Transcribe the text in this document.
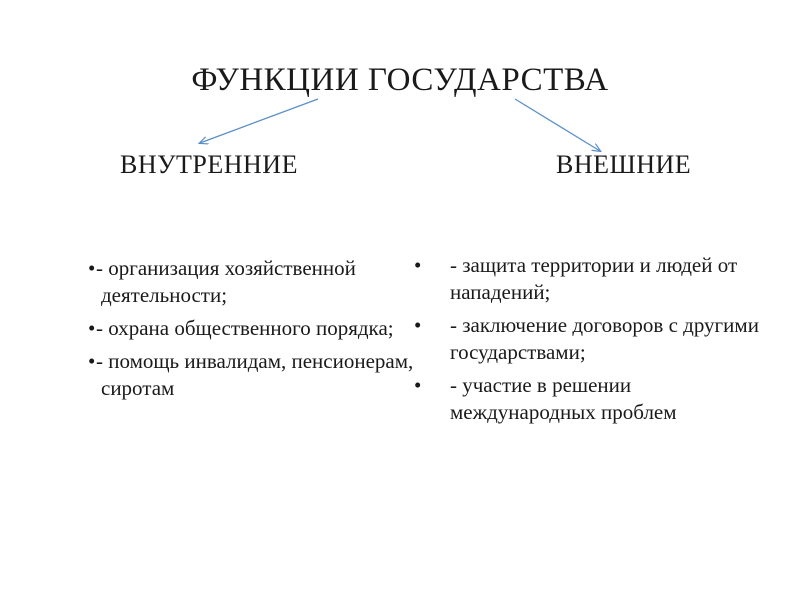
ФУНКЦИИ ГОСУДАРСТВА
ВНУТРЕННИЕ	ВНЕШНИЕ
•- организация хозяйственной деятельности;
•- охрана общественного порядка;
•- помощь инвалидам, пенсионерам, сиротам
• - защита территории и людей от нападений;
• - заключение договоров с другими государствами;
• - участие в решении международных проблем
